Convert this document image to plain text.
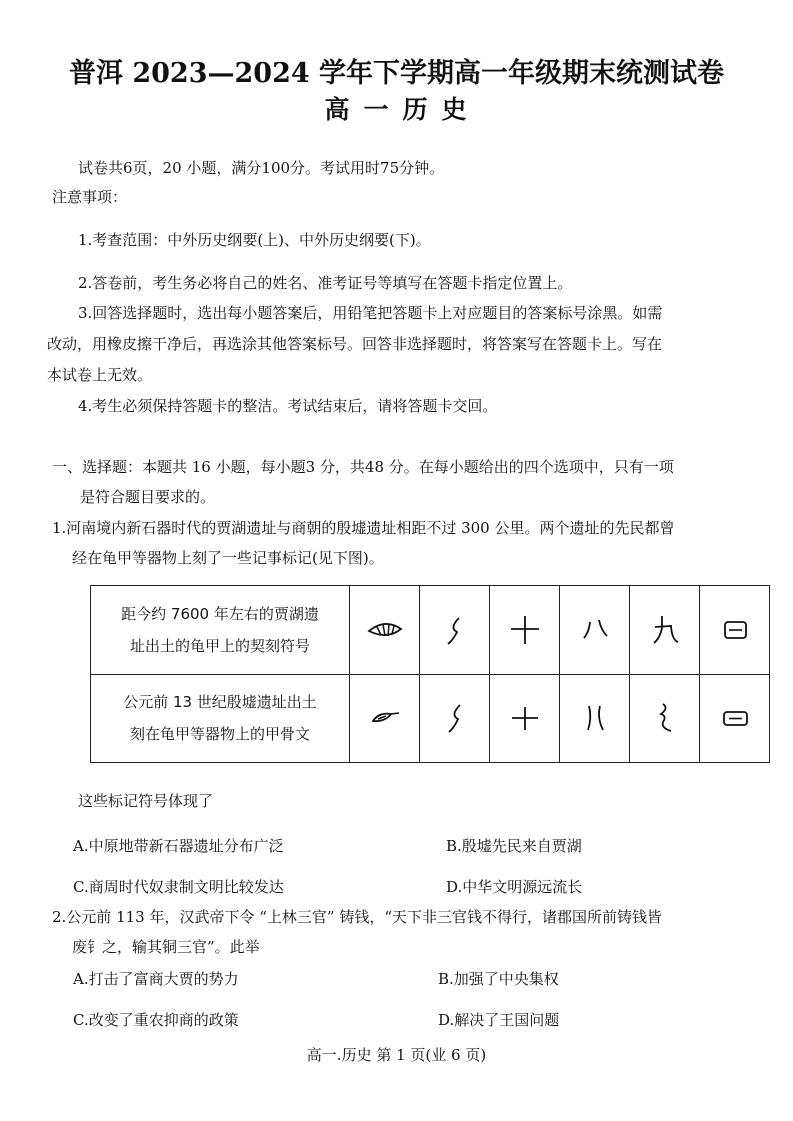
普洱 2023—2024 学年下学期高一年级期末统测试卷
高一历史
试卷共6页，20 小题，满分100分。考试用时75分钟。
注意事项：
1.考查范围：中外历史纲要(上)、中外历史纲要(下)。
2.答卷前，考生务必将自己的姓名、准考证号等填写在答题卡指定位置上。
3.回答选择题时，选出每小题答案后，用铅笔把答题卡上对应题目的答案标号涂黑。如需
改动，用橡皮擦干净后，再选涂其他答案标号。回答非选择题时，将答案写在答题卡上。写在
本试卷上无效。
4.考生必须保持答题卡的整洁。考试结束后，请将答题卡交回。
一、选择题：本题共 16 小题，每小题3 分，共48 分。在每小题给出的四个选项中，只有一项
是符合题目要求的。
1.河南境内新石器时代的贾湖遗址与商朝的殷墟遗址相距不过 300 公里。两个遗址的先民都曾
经在龟甲等器物上刻了一些记事标记(见下图)。
距今约 7600 年左右的贾湖遗
址出土的龟甲上的契刻符号

公元前 13 世纪殷墟遗址出土
刻在龟甲等器物上的甲骨文

这些标记符号体现了
A.中原地带新石器遗址分布广泛	B.殷墟先民来自贾湖
C.商周时代奴隶制文明比较发达	D.中华文明源远流长
2.公元前 113 年，汉武帝下令 “上林三官” 铸钱，“天下非三官钱不得行，诸郡国所前铸钱皆
废钅之，输其铜三官”。此举
A.打击了富商大贾的势力	B.加强了中央集权
C.改变了重农抑商的政策	D.解决了王国问题
高一.历史 第 1 页(业 6 页)
